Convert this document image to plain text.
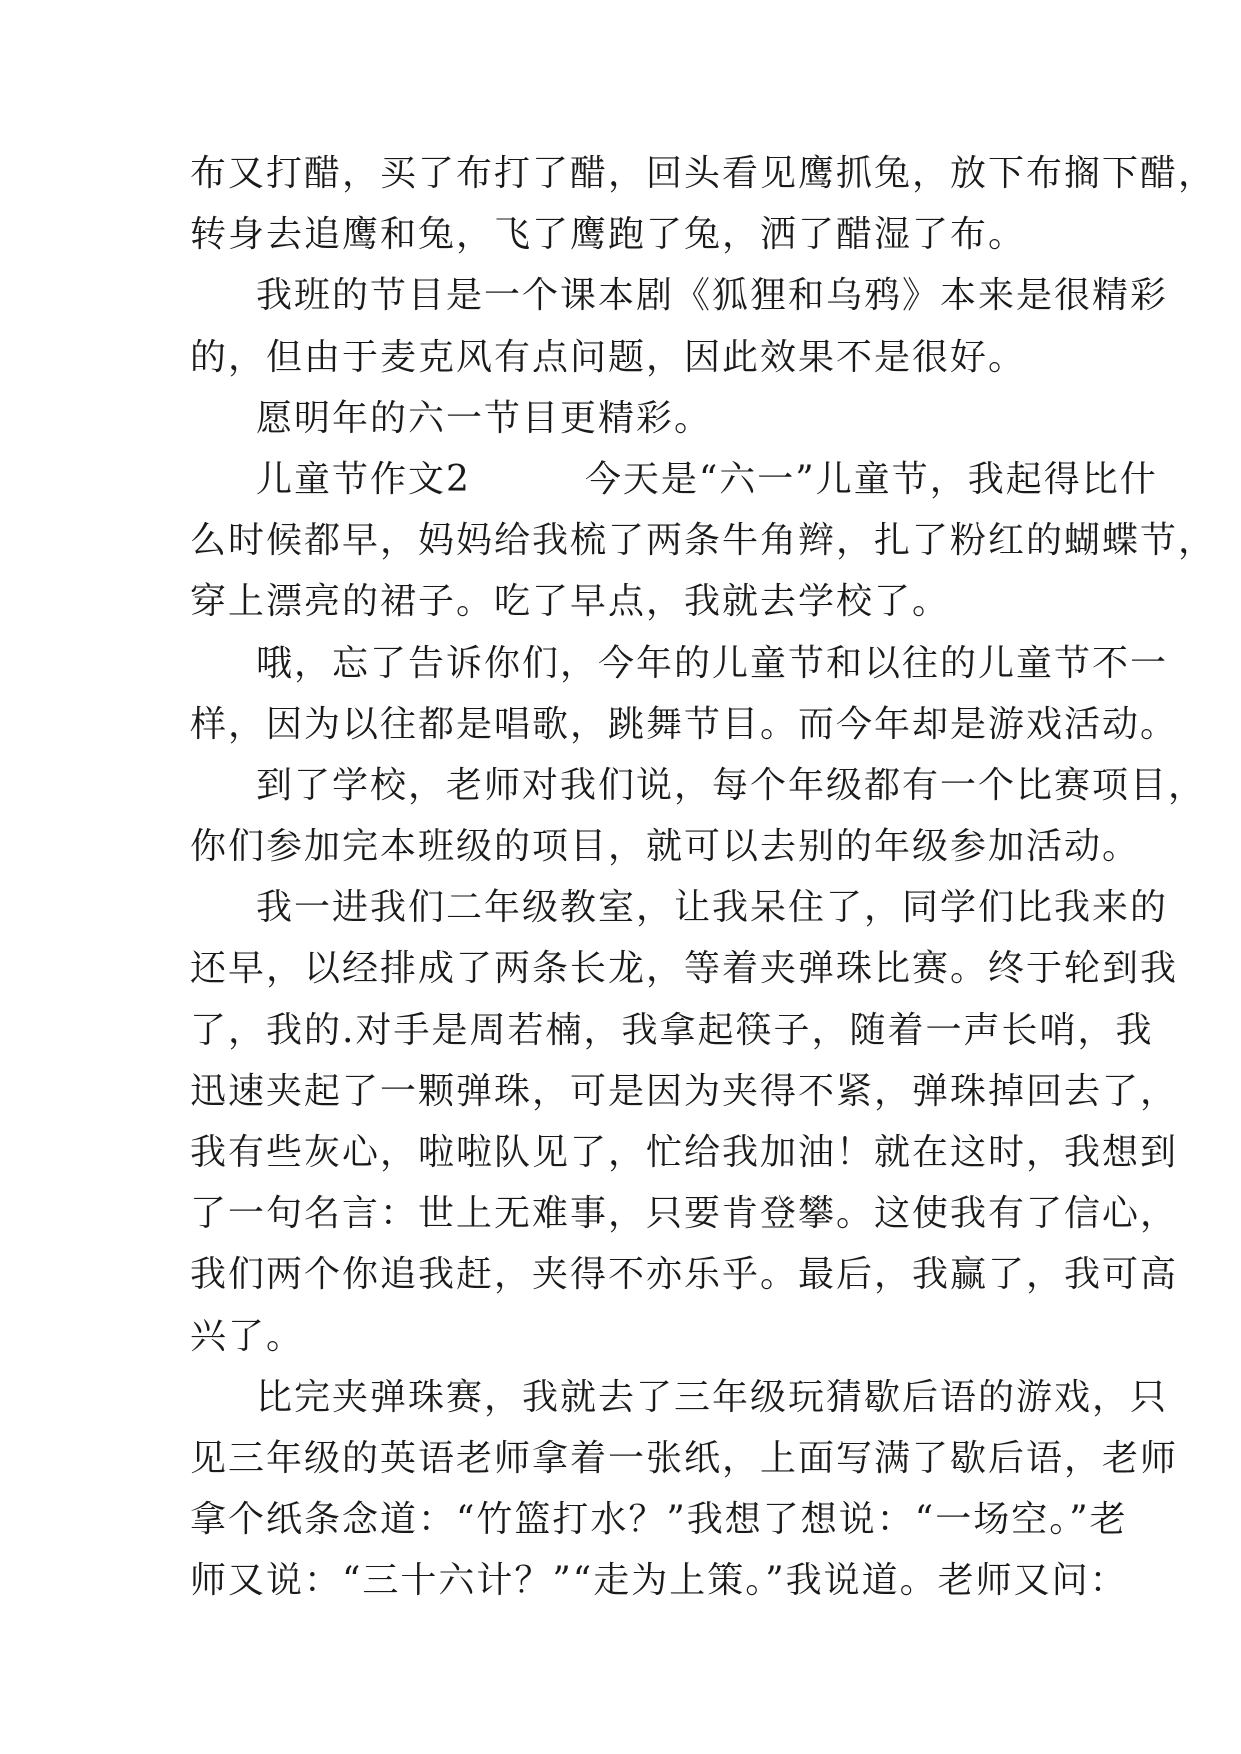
布又打醋，买了布打了醋，回头看见鹰抓兔，放下布搁下醋，
转身去追鹰和兔，飞了鹰跑了兔，洒了醋湿了布。
我班的节目是一个课本剧《狐狸和乌鸦》本来是很精彩
的，但由于麦克风有点问题，因此效果不是很好。
愿明年的六一节目更精彩。
儿童节作文2　　　今天是“六一”儿童节，我起得比什
么时候都早，妈妈给我梳了两条牛角辫，扎了粉红的蝴蝶节，
穿上漂亮的裙子。吃了早点，我就去学校了。
哦，忘了告诉你们，今年的儿童节和以往的儿童节不一
样，因为以往都是唱歌，跳舞节目。而今年却是游戏活动。
到了学校，老师对我们说，每个年级都有一个比赛项目，
你们参加完本班级的项目，就可以去别的年级参加活动。
我一进我们二年级教室，让我呆住了，同学们比我来的
还早，以经排成了两条长龙，等着夹弹珠比赛。终于轮到我
了，我的.对手是周若楠，我拿起筷子，随着一声长哨，我
迅速夹起了一颗弹珠，可是因为夹得不紧，弹珠掉回去了，
我有些灰心，啦啦队见了，忙给我加油！就在这时，我想到
了一句名言：世上无难事，只要肯登攀。这使我有了信心，
我们两个你追我赶，夹得不亦乐乎。最后，我赢了，我可高
兴了。
比完夹弹珠赛，我就去了三年级玩猜歇后语的游戏，只
见三年级的英语老师拿着一张纸，上面写满了歇后语，老师
拿个纸条念道：“竹篮打水？”我想了想说：“一场空。”老
师又说：“三十六计？”“走为上策。”我说道。老师又问：
